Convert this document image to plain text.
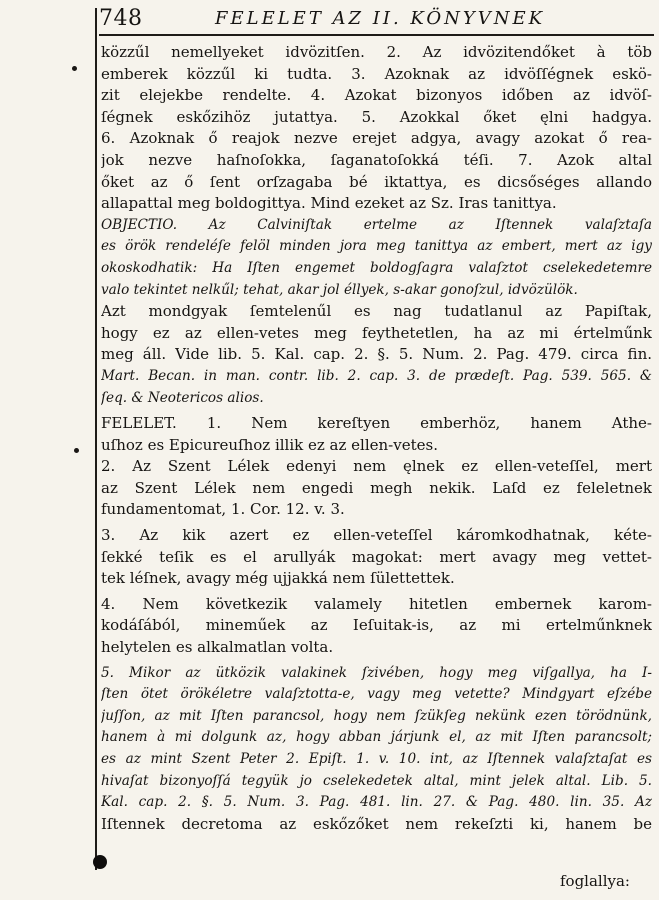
748	FELELET AZ II. KÖNYVNEK
közzűl nemellyeket idvözitſen. 2. Az idvözitendőket à töb
emberek közzűl ki tudta. 3. Azoknak az idvöſſégnek eskö-
zit elejekbe rendelte. 4. Azokat bizonyos időben az idvöſ-
ſégnek eskőzihöz jutattya. 5. Azokkal őket ęlni hadgya.
6. Azoknak ő reajok nezve erejet adgya, avagy azokat ő rea-
jok nezve haſnoſokka, ſaganatoſokká téſi. 7. Azok altal
őket az ő ſent orſzagaba bé iktattya, es dicsőséges allando
allapattal meg boldogittya. Mind ezeket az Sz. Iras tanittya.
OBJECTIO. Az Calviniſtak ertelme az Iſtennek valaſztaſa
es örök rendeléſe felöl minden jora meg tanittya az embert, mert az igy
okoskodhatik: Ha Iſten engemet boldogſagra valaſztot cselekedetemre
valo tekintet nelkűl; tehat, akar jol éllyek, s-akar gonoſzul, idvözülök.
Azt mondgyak ſemtelenűl es nag tudatlanul az Papiſtak,
hogy ez az ellen-vetes meg feythetetlen, ha az mi értelműnk
meg áll. Vide lib. 5. Kal. cap. 2. §. 5. Num. 2. Pag. 479. circa fin.
Mart. Becan. in man. contr. lib. 2. cap. 3. de prædeſt. Pag. 539. 565. &
ſeq. & Neotericos alios.
FELELET. 1. Nem kereſtyen emberhöz, hanem Athe-
uſhoz es Epicureuſhoz illik ez az ellen-vetes.
2. Az Szent Lélek edenyi nem ęlnek ez ellen-veteſſel, mert
az Szent Lélek nem engedi megh nekik. Laſd ez feleletnek
fundamentomat, 1. Cor. 12. v. 3.
3. Az kik azert ez ellen-veteſſel káromkodhatnak, kéte-
ſekké teſik es el arullyák magokat: mert avagy meg vettet-
tek léſnek, avagy még ujjakká nem ſülettettek.
4. Nem következik valamely hitetlen embernek karom-
kodáſából, mineműek az Ieſuitak-is, az mi ertelműnknek
helytelen es alkalmatlan volta.
5. Mikor az ütközik valakinek ſzivében, hogy meg viſgallya, ha I-
ſten ötet örökéletre valaſztotta-e, vagy meg vetette? Mindgyart eſzébe
juſſon, az mit Iſten parancsol, hogy nem ſzükſeg nekünk ezen törödnünk,
hanem à mi dolgunk az, hogy abban járjunk el, az mit Iſten parancsolt;
es az mint Szent Peter 2. Epiſt. 1. v. 10. int, az Iſtennek valaſztaſat es
hivaſat bizonyoſſá tegyük jo cselekedetek altal, mint jelek altal. Lib. 5.
Kal. cap. 2. §. 5. Num. 3. Pag. 481. lin. 27. & Pag. 480. lin. 35. Az
Iſtennek decretoma az eskőzőket nem rekeſzti ki, hanem be
foglallya:
